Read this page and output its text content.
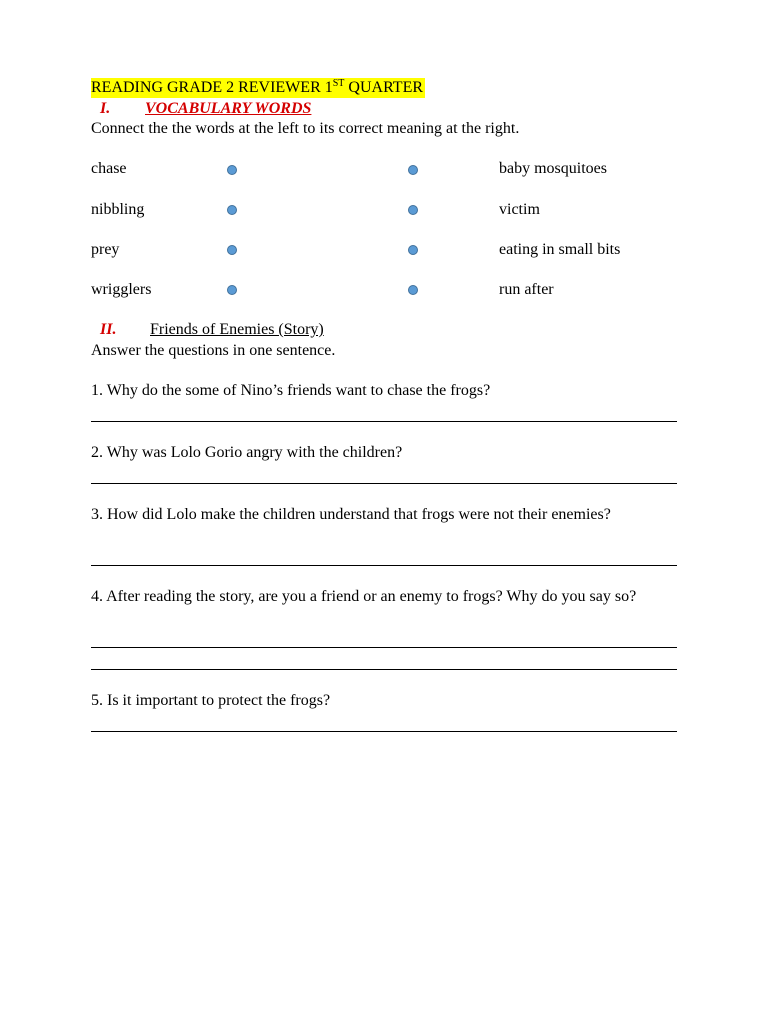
READING GRADE 2 REVIEWER 1ST QUARTER
I. VOCABULARY WORDS
Connect the the words at the left to its correct meaning at the right.
chase
nibbling
prey
wrigglers
baby mosquitoes
victim
eating in small bits
run after
II. Friends of Enemies (Story)
Answer the questions in one sentence.
1. Why do the some of Nino’s friends want to chase the frogs?
2. Why was Lolo Gorio angry with the children?
3. How did Lolo make the children understand that frogs were not their enemies?
4. After reading the story, are you a friend or an enemy to frogs? Why do you say so?
5. Is it important to protect the frogs?
